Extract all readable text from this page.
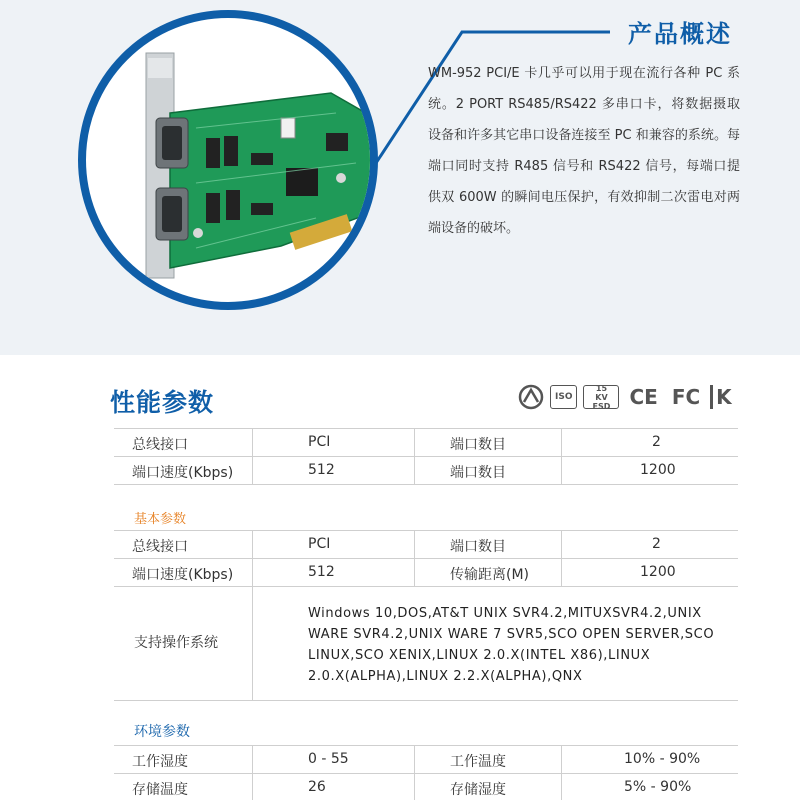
产品概述

WM-952 PCI/E 卡几乎可以用于现在流行各种 PC 系统。2 PORT RS485/RS422 多串口卡，将数据摄取设备和许多其它串口设备连接至 PC 和兼容的系统。每端口同时支持 R485 信号和 RS422 信号，每端口提供双 600W 的瞬间电压保护，有效抑制二次雷电对两端设备的破坏。

性能参数	ISO
15 KV ESD CE FC K
总线接口	PCI	端口数目	2
端口速度(Kbps)	512	端口数目	1200
基本参数
总线接口	PCI	端口数目	2
端口速度(Kbps)	512	传输距离(M)	1200
支持操作系统
Windows 10,DOS,AT&T UNIX SVR4.2,MITUXSVR4.2,UNIX WARE SVR4.2,UNIX WARE 7 SVR5,SCO OPEN SERVER,SCO LINUX,SCO XENIX,LINUX 2.0.X(INTEL X86),LINUX 2.0.X(ALPHA),LINUX 2.2.X(ALPHA),QNX
环境参数
工作湿度	0 - 55	工作温度	10% - 90%
存储温度	26	存储湿度	5% - 90%
